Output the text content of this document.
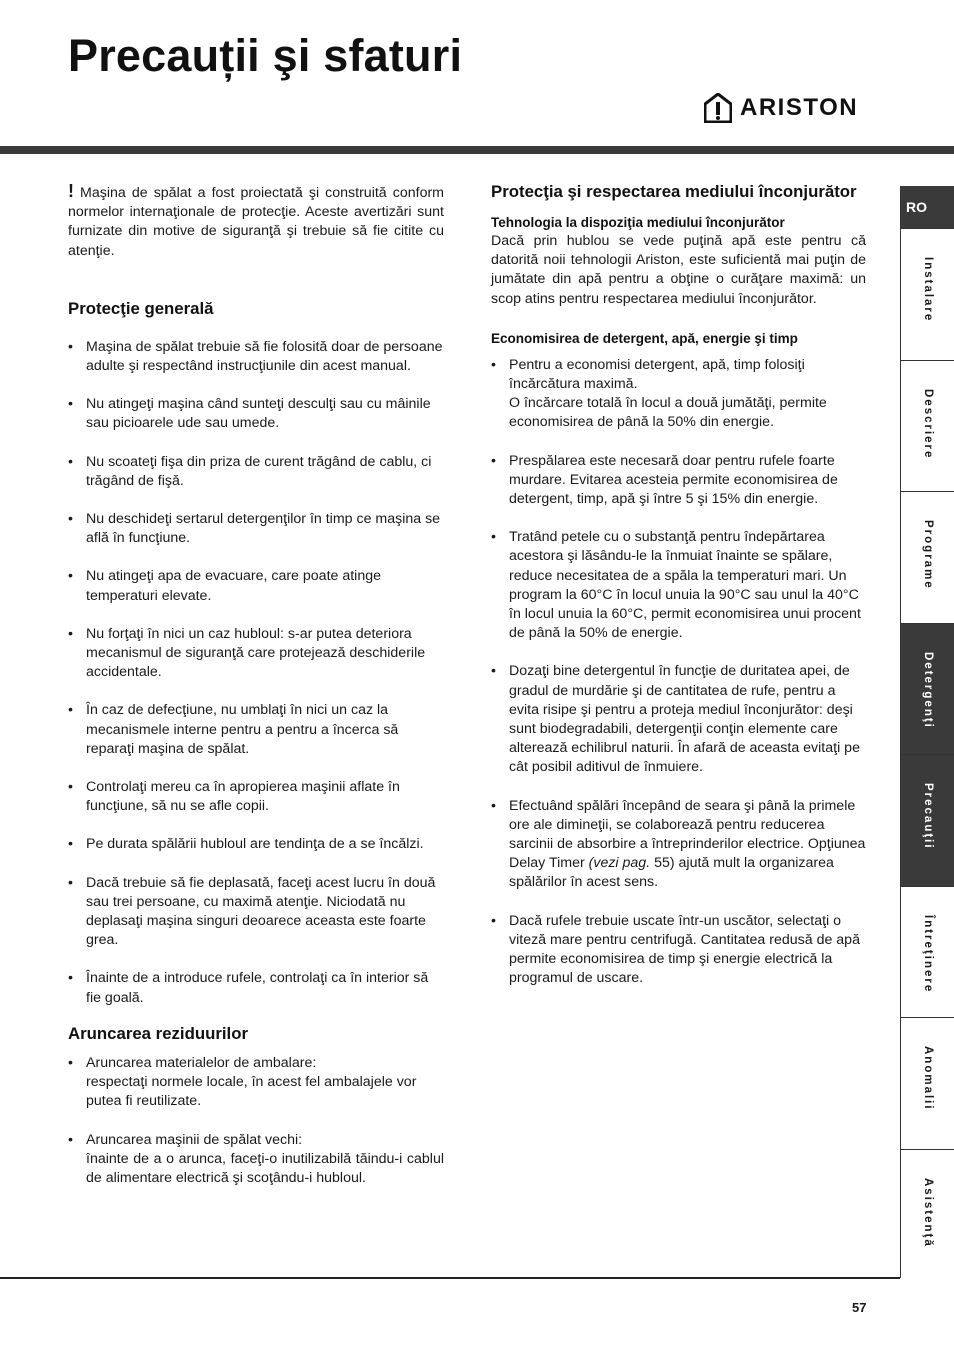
Precauții şi sfaturi
ARISTON
RO
Instalare
Descriere
Programe
Detergenţi
Precauţii
Întreţinere
Anomalii
Asistenţă

! Maşina de spălat a fost proiectată şi construită conform normelor internaţionale de protecţie. Aceste avertizări sunt furnizate din motive de siguranţă şi trebuie să fie citite cu atenţie.

Protecţie generală
• Maşina de spălat trebuie să fie folosită doar de persoane adulte şi respectând instrucţiunile din acest manual.
• Nu atingeţi maşina când sunteţi desculţi sau cu mâinile sau picioarele ude sau umede.
• Nu scoateţi fişa din priza de curent trăgând de cablu, ci trăgând de fişă.
• Nu deschideţi sertarul detergenţilor în timp ce maşina se află în funcţiune.
• Nu atingeţi apa de evacuare, care poate atinge temperaturi elevate.
• Nu forţaţi în nici un caz hubloul: s-ar putea deteriora mecanismul de siguranţă care protejează deschiderile accidentale.
• În caz de defecţiune, nu umblaţi în nici un caz la mecanismele interne pentru a pentru a încerca să reparaţi maşina de spălat.
• Controlaţi mereu ca în apropierea maşinii aflate în funcţiune, să nu se afle copii.
• Pe durata spălării hubloul are tendinţa de a se încălzi.
• Dacă trebuie să fie deplasată, faceţi acest lucru în două sau trei persoane, cu maximă atenţie. Niciodată nu deplasaţi maşina singuri deoarece aceasta este foarte grea.
• Înainte de a introduce rufele, controlaţi ca în interior să fie goală.
Aruncarea reziduurilor
• Aruncarea materialelor de ambalare:
respectaţi normele locale, în acest fel ambalajele vor putea fi reutilizate.
• Aruncarea maşinii de spălat vechi:
înainte de a o arunca, faceţi-o inutilizabilă tăindu-i cablul de alimentare electrică şi scoţându-i hubloul.
Protecţia şi respectarea mediului înconjurător
Tehnologia la dispoziţia mediului înconjurător

Dacă prin hublou se vede puţină apă este pentru că datorită noii tehnologii Ariston, este suficientă mai puţin de jumătate din apă pentru a obţine o curăţare maximă: un scop atins pentru respectarea mediului înconjurător.

Economisirea de detergent, apă, energie şi timp
• Pentru a economisi detergent, apă, timp folosiţi încărcătura maximă.
O încărcare totală în locul a două jumătăţi, permite economisirea de până la 50% din energie.
• Prespălarea este necesară doar pentru rufele foarte murdare. Evitarea acesteia permite economisirea de detergent, timp, apă şi între 5 şi 15% din energie.
• Tratând petele cu o substanţă pentru îndepărtarea acestora şi lăsându-le la înmuiat înainte se spălare, reduce necesitatea de a spăla la temperaturi mari. Un program la 60°C în locul unuia la 90°C sau unul la 40°C în locul unuia la 60°C, permit economisirea unui procent de până la 50% de energie.
• Dozaţi bine detergentul în funcţie de duritatea apei, de gradul de murdărie şi de cantitatea de rufe, pentru a evita risipe şi pentru a proteja mediul înconjurător: deşi sunt biodegradabili, detergenţii conţin elemente care alterează echilibrul naturii. În afară de aceasta evitaţi pe cât posibil aditivul de înmuiere.
• Efectuând spălări începând de seara şi până la primele ore ale dimineţii, se colaborează pentru reducerea sarcinii de absorbire a întreprinderilor electrice. Opţiunea Delay Timer (vezi pag. 55) ajută mult la organizarea spălărilor în acest sens.
• Dacă rufele trebuie uscate într-un uscător, selectaţi o viteză mare pentru centrifugă. Cantitatea redusă de apă permite economisirea de timp şi energie electrică la programul de uscare.
57
